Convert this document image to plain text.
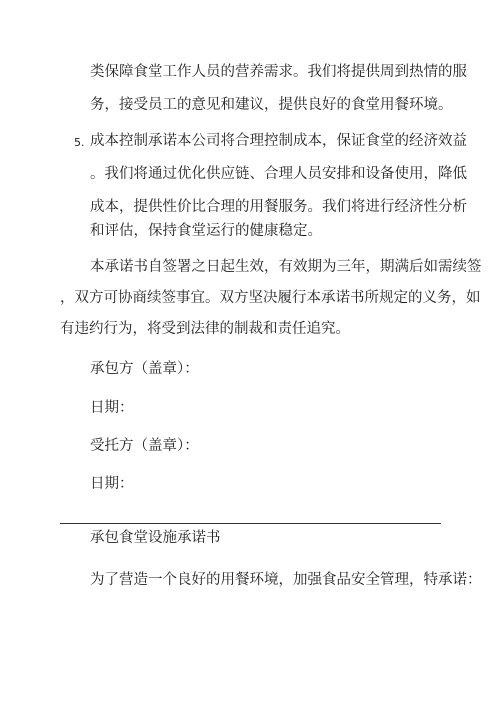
类保障食堂工作人员的营养需求。我们将提供周到热情的服
务，接受员工的意见和建议，提供良好的食堂用餐环境。
5. 成本控制承诺本公司将合理控制成本，保证食堂的经济效益
。我们将通过优化供应链、合理人员安排和设备使用，降低
成本，提供性价比合理的用餐服务。我们将进行经济性分析
和评估，保持食堂运行的健康稳定。
本承诺书自签署之日起生效，有效期为三年，期满后如需续签
，双方可协商续签事宜。双方坚决履行本承诺书所规定的义务，如
有违约行为，将受到法律的制裁和责任追究。
承包方（盖章）：
日期：
受托方（盖章）：
日期：
承包食堂设施承诺书
为了营造一个良好的用餐环境，加强食品安全管理，特承诺：
